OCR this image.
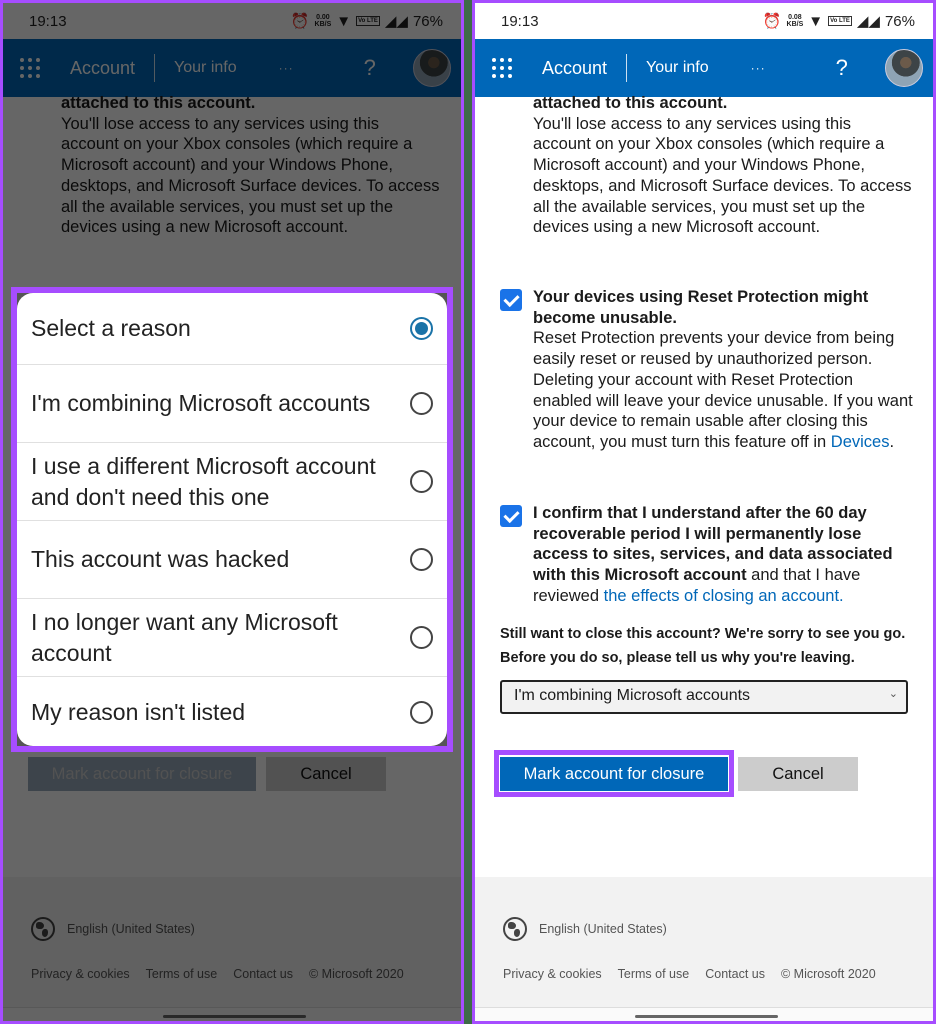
Select a reason
I'm combining Microsoft accounts
I use a different Microsoft account and don't need this one
This account was hacked
I no longer want any Microsoft account
My reason isn't listed
19:13	⏰ 0.08
KB/S ▼	Vo LTE ◢◢ 76%
Account Your info	···	?
attached to this account.
You'll lose access to any services using this account on your Xbox consoles (which require a Microsoft account) and your Windows Phone, desktops, and Microsoft Surface devices. To access all the available services, you must set up the devices using a new Microsoft account.
Your devices using Reset Protection might become unusable.
Reset Protection prevents your device from being easily reset or reused by unauthorized person. Deleting your account with Reset Protection enabled will leave your device unusable. If you want your device to remain usable after closing this account, you must turn this feature off in Devices.
I confirm that I understand after the 60 day recoverable period I will permanently lose access to sites, services, and data associated with this Microsoft account and that I have reviewed the effects of closing an account.
Still want to close this account? We're sorry to see you go. Before you do so, please tell us why you're leaving.
I'm combining Microsoft accounts	⌄
Mark account for closure	Cancel
English (United States)
Privacy & cookies Terms of use Contact us © Microsoft 2020
